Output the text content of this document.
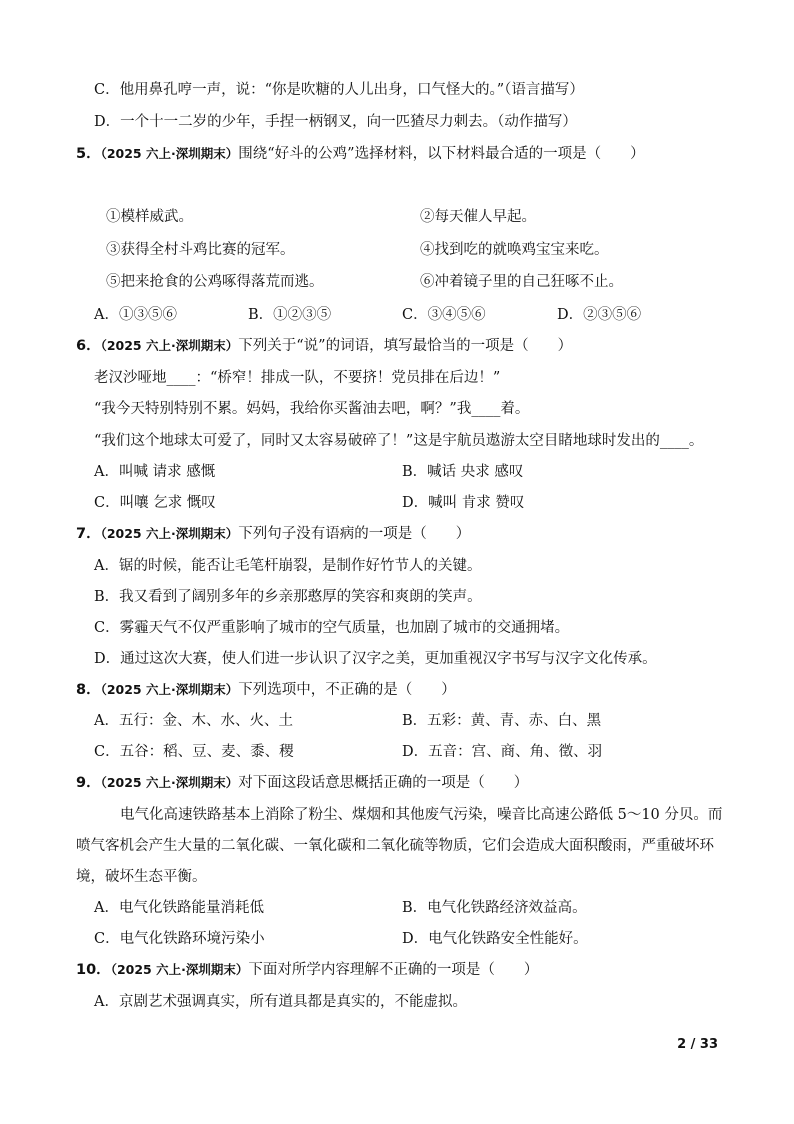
C．他用鼻孔哼一声，说：“你是吹糖的人儿出身，口气怪大的。”（语言描写）
D．一个十一二岁的少年，手捏一柄钢叉，向一匹猹尽力刺去。（动作描写）
5．（2025 六上·深圳期末）围绕“好斗的公鸡”选择材料，以下材料最合适的一项是（　　）
①模样威武。	②每天催人早起。
③获得全村斗鸡比赛的冠军。	④找到吃的就唤鸡宝宝来吃。
⑤把来抢食的公鸡啄得落荒而逃。	⑥冲着镜子里的自己狂啄不止。
A．①③⑤⑥	B．①②③⑤	C．③④⑤⑥	D．②③⑤⑥
6．（2025 六上·深圳期末）下列关于“说”的词语，填写最恰当的一项是（　　）
老汉沙哑地____：“桥窄！排成一队，不要挤！党员排在后边！”
“我今天特别特别不累。妈妈，我给你买酱油去吧，啊？”我____着。
“我们这个地球太可爱了，同时又太容易破碎了！”这是宇航员遨游太空目睹地球时发出的____。
A．叫喊 请求 感慨	B．喊话 央求 感叹
C．叫嚷 乞求 慨叹	D．喊叫 肯求 赞叹
7．（2025 六上·深圳期末）下列句子没有语病的一项是（　　）
A．锯的时候，能否让毛笔杆崩裂，是制作好竹节人的关键。
B．我又看到了阔别多年的乡亲那憨厚的笑容和爽朗的笑声。
C．雾霾天气不仅严重影响了城市的空气质量，也加剧了城市的交通拥堵。
D．通过这次大赛，使人们进一步认识了汉字之美，更加重视汉字书写与汉字文化传承。
8．（2025 六上·深圳期末）下列选项中，不正确的是（　　）
A．五行：金、木、水、火、土	B．五彩：黄、青、赤、白、黑
C．五谷：稻、豆、麦、黍、稷	D．五音：宫、商、角、徵、羽
9．（2025 六上·深圳期末）对下面这段话意思概括正确的一项是（　　）
电气化高速铁路基本上消除了粉尘、煤烟和其他废气污染，噪音比高速公路低 5～10 分贝。而
喷气客机会产生大量的二氧化碳、一氧化碳和二氧化硫等物质，它们会造成大面积酸雨，严重破坏环
境，破坏生态平衡。
A．电气化铁路能量消耗低	B．电气化铁路经济效益高。
C．电气化铁路环境污染小	D．电气化铁路安全性能好。
10．（2025 六上·深圳期末）下面对所学内容理解不正确的一项是（　　）
A．京剧艺术强调真实，所有道具都是真实的，不能虚拟。
2 / 33
